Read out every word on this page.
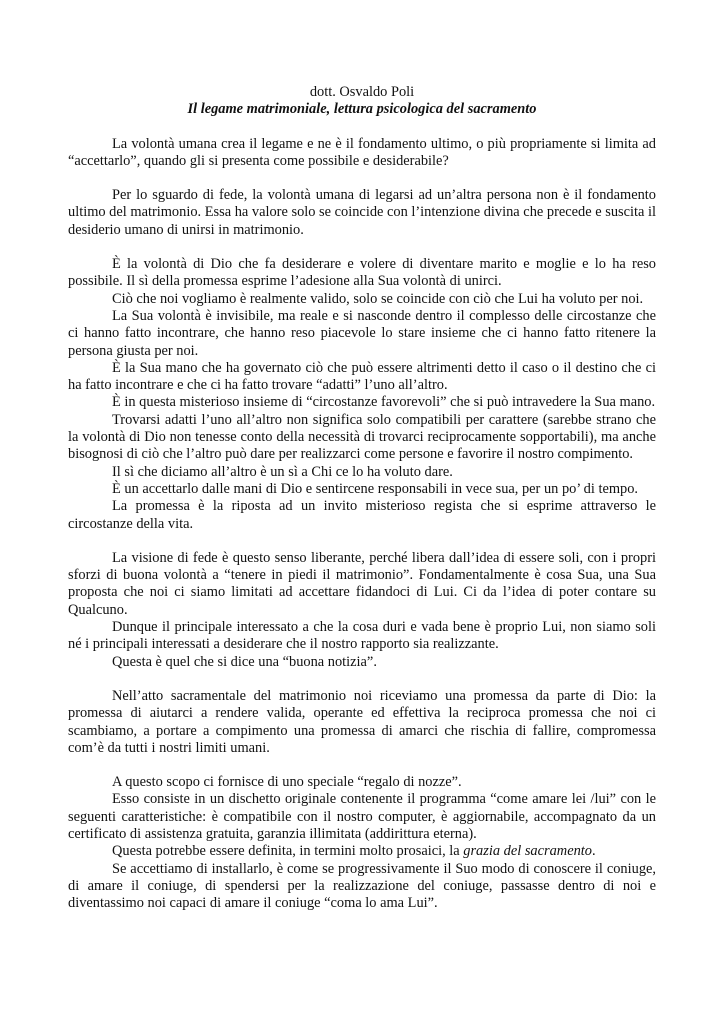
dott. Osvaldo Poli
Il legame matrimoniale, lettura psicologica del sacramento

La volontà umana crea il legame e ne è il fondamento ultimo, o più propriamente si limita ad “accettarlo”, quando gli si presenta come possibile e desiderabile?

Per lo sguardo di fede, la volontà umana di legarsi ad un’altra persona non è il fondamento ultimo del matrimonio. Essa ha valore solo se coincide con l’intenzione divina che precede e suscita il desiderio umano di unirsi in matrimonio.

È la volontà di Dio che fa desiderare e volere di diventare marito e moglie e lo ha reso possibile. Il sì della promessa esprime l’adesione alla Sua volontà di unirci.

Ciò che noi vogliamo è realmente valido, solo se coincide con ciò che Lui ha voluto per noi.

La Sua volontà è invisibile, ma reale e si nasconde dentro il complesso delle circostanze che ci hanno fatto incontrare, che hanno reso piacevole lo stare insieme che ci hanno fatto ritenere la persona giusta per noi.

È la Sua mano che ha governato ciò che può essere altrimenti detto il caso o il destino che ci ha fatto incontrare e che ci ha fatto trovare “adatti” l’uno all’altro.

È in questa misterioso insieme di “circostanze favorevoli” che si può intravedere la Sua mano.

Trovarsi adatti l’uno all’altro non significa solo compatibili per carattere (sarebbe strano che la volontà di Dio non tenesse conto della necessità di trovarci reciprocamente sopportabili), ma anche bisognosi di ciò che l’altro può dare per realizzarci come persone e favorire il nostro compimento.

Il sì che diciamo all’altro è un sì a Chi ce lo ha voluto dare.

È un accettarlo dalle mani di Dio e sentircene responsabili in vece sua, per un po’ di tempo.

La promessa è la riposta ad un invito misterioso regista che si esprime attraverso le circostanze della vita.

La visione di fede è questo senso liberante, perché libera dall’idea di essere soli, con i propri sforzi di buona volontà a “tenere in piedi il matrimonio”. Fondamentalmente è cosa Sua, una Sua proposta che noi ci siamo limitati ad accettare fidandoci di Lui. Ci da l’idea di poter contare su Qualcuno.

Dunque il principale interessato a che la cosa duri e vada bene è proprio Lui, non siamo soli né i principali interessati a desiderare che il nostro rapporto sia realizzante.

Questa è quel che si dice una “buona notizia”.

Nell’atto sacramentale del matrimonio noi riceviamo una promessa da parte di Dio: la promessa di aiutarci a rendere valida, operante ed effettiva la reciproca promessa che noi ci scambiamo, a portare a compimento una promessa di amarci che rischia di fallire, compromessa com’è da tutti i nostri limiti umani.

A questo scopo ci fornisce di uno speciale “regalo di nozze”.

Esso consiste in un dischetto originale contenente il programma “come amare lei /lui” con le seguenti caratteristiche: è compatibile con il nostro computer, è aggiornabile, accompagnato da un certificato di assistenza gratuita, garanzia illimitata (addirittura eterna).

Questa potrebbe essere definita, in termini molto prosaici, la grazia del sacramento.

Se accettiamo di installarlo, è come se progressivamente il Suo modo di conoscere il coniuge, di amare il coniuge, di spendersi per la realizzazione del coniuge, passasse dentro di noi e diventassimo noi capaci di amare il coniuge “coma lo ama Lui”.
